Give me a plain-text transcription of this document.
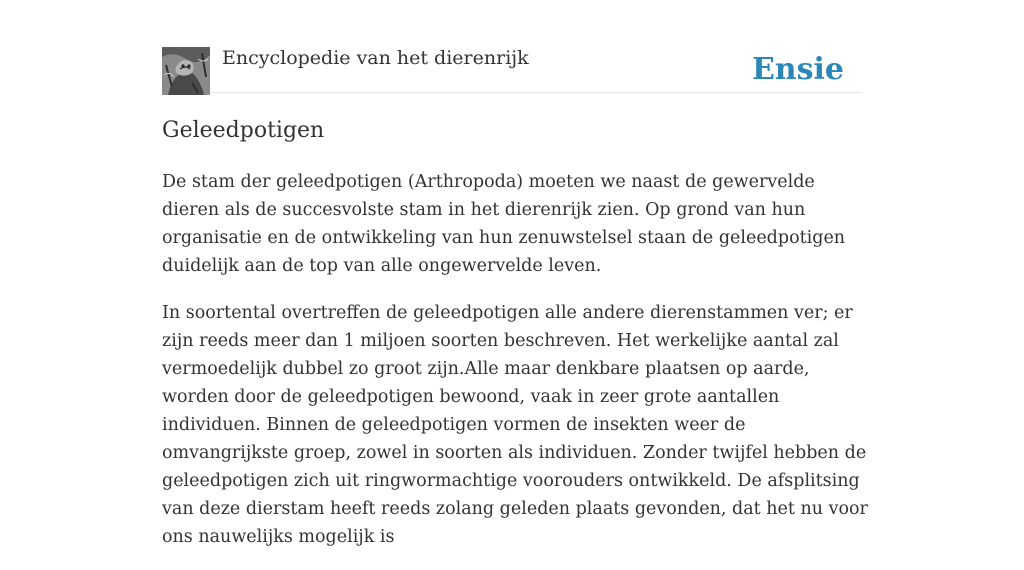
Encyclopedie van het dierenrijk	Ensie
Geleedpotigen

De stam der geleedpotigen (Arthropoda) moeten we naast de gewervelde dieren als de succesvolste stam in het dierenrijk zien. Op grond van hun organisatie en de ontwikkeling van hun zenuwstelsel staan de geleedpotigen duidelijk aan de top van alle ongewervelde leven.

In soortental overtreffen de geleedpotigen alle andere dierenstammen ver; er zijn reeds meer dan 1 miljoen soorten beschreven. Het werkelijke aantal zal vermoedelijk dubbel zo groot zijn.Alle maar denkbare plaatsen op aarde, worden door de geleedpotigen bewoond, vaak in zeer grote aantallen individuen. Binnen de geleedpotigen vormen de insekten weer de omvangrijkste groep, zowel in soorten als individuen. Zonder twijfel hebben de geleedpotigen zich uit ringwormachtige voorouders ontwikkeld. De afsplitsing van deze dierstam heeft reeds zolang geleden plaats gevonden, dat het nu voor ons nauwelijks mogelijk is
